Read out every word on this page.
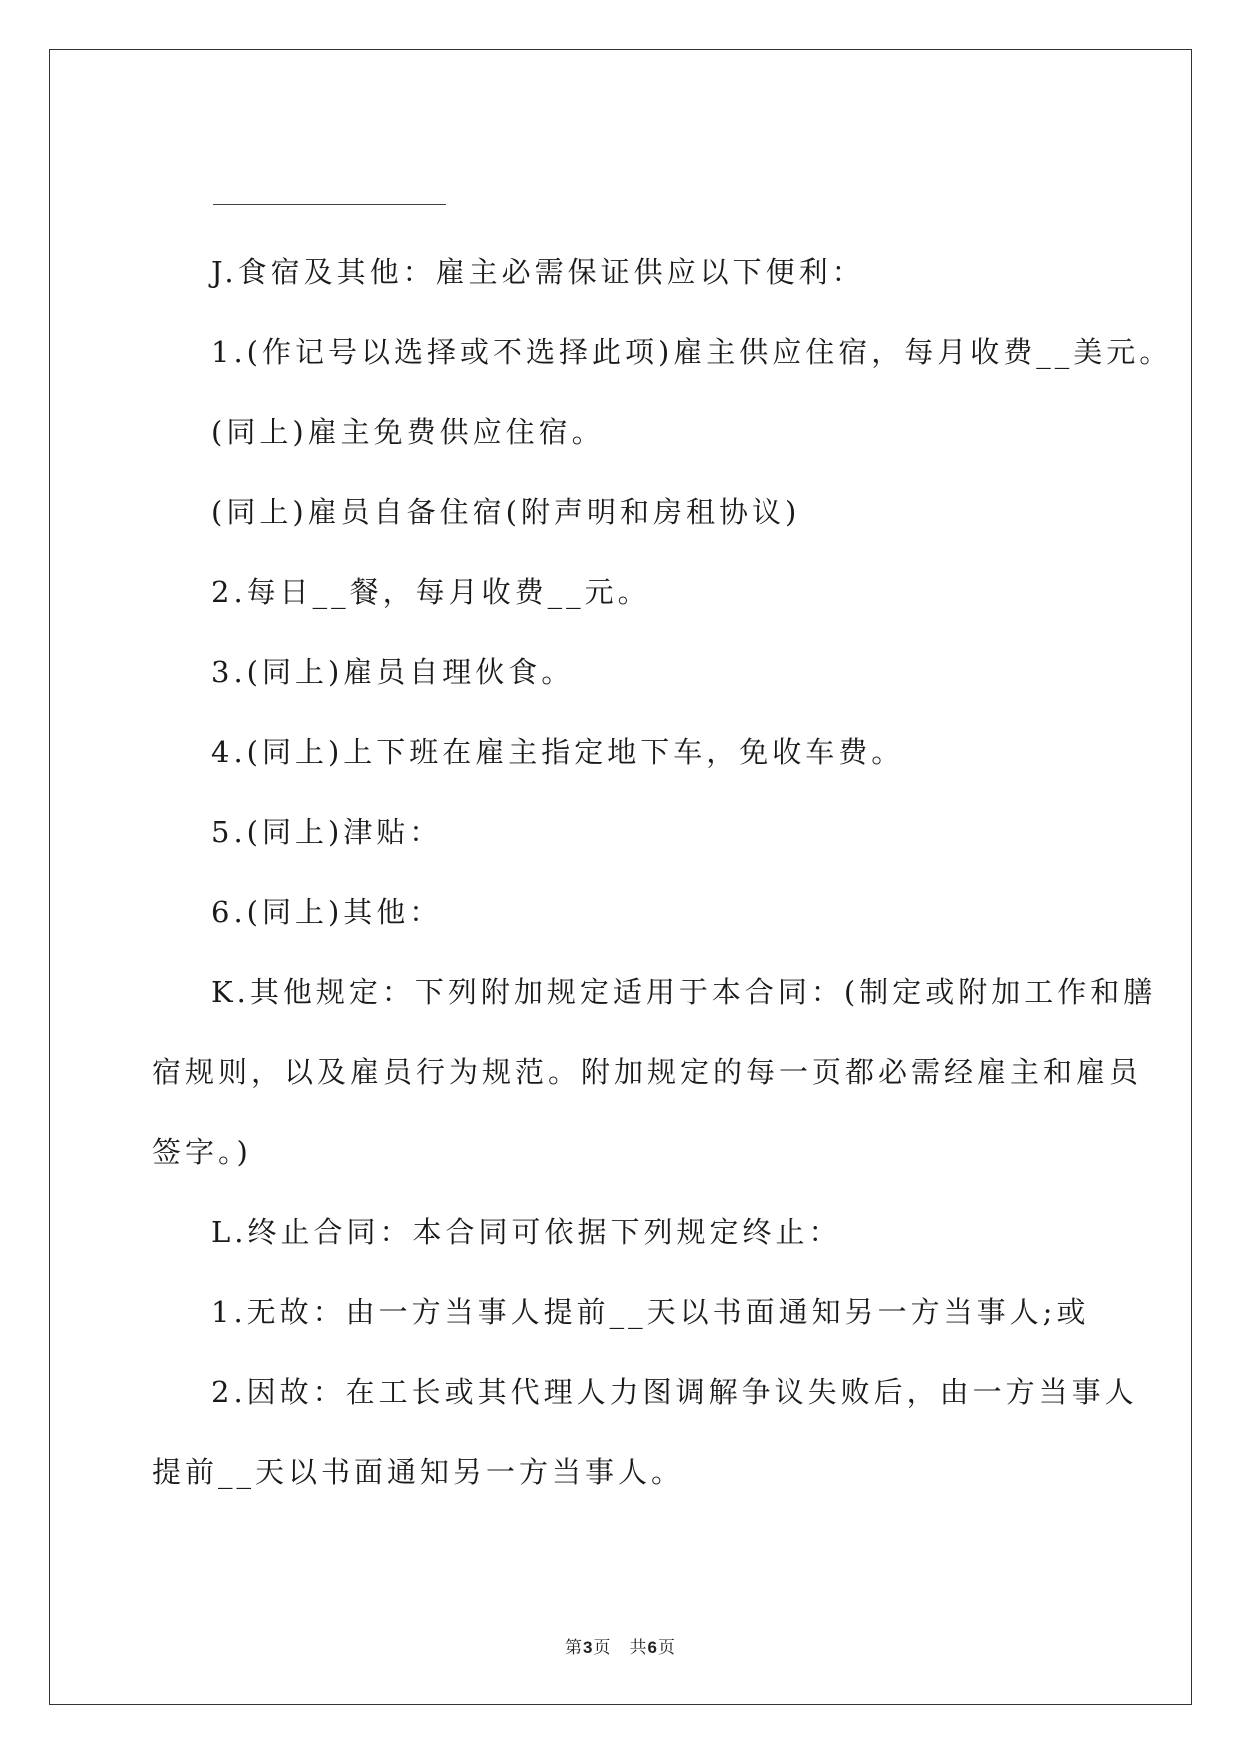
J.食宿及其他：雇主必需保证供应以下便利：
1.(作记号以选择或不选择此项)雇主供应住宿，每月收费__美元。
(同上)雇主免费供应住宿。
(同上)雇员自备住宿(附声明和房租协议)
2.每日__餐，每月收费__元。
3.(同上)雇员自理伙食。
4.(同上)上下班在雇主指定地下车，免收车费。
5.(同上)津贴：
6.(同上)其他：
K.其他规定：下列附加规定适用于本合同：(制定或附加工作和膳
宿规则，以及雇员行为规范。附加规定的每一页都必需经雇主和雇员
签字。)
L.终止合同：本合同可依据下列规定终止：
1.无故：由一方当事人提前__天以书面通知另一方当事人;或
2.因故：在工长或其代理人力图调解争议失败后，由一方当事人
提前__天以书面通知另一方当事人。
第3页 共6页
